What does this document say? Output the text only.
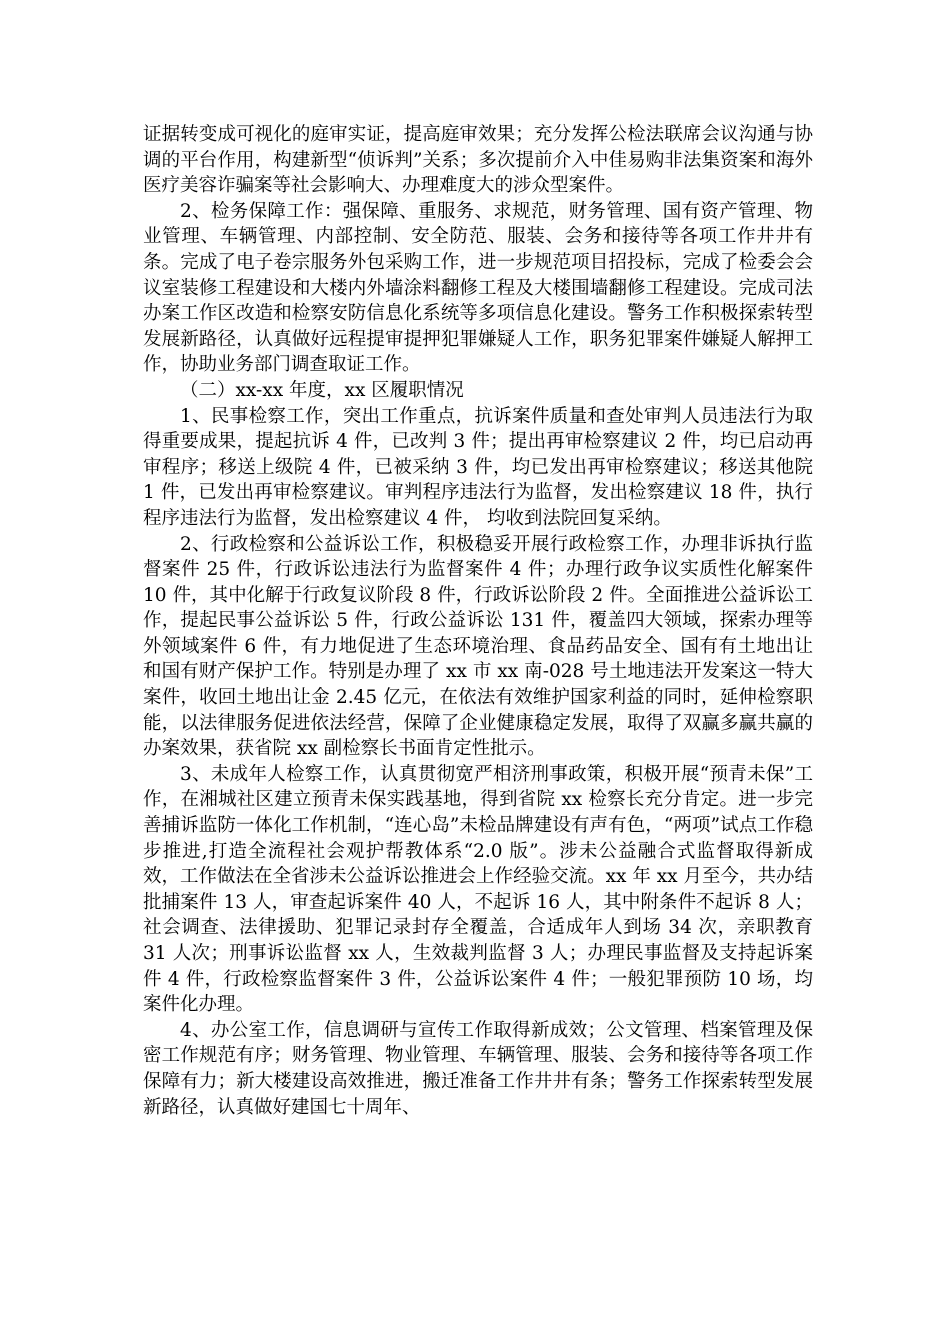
证据转变成可视化的庭审实证，提高庭审效果；充分发挥公检法联席会议沟通与协调的平台作用，构建新型“侦诉判”关系；多次提前介入中佳易购非法集资案和海外医疗美容诈骗案等社会影响大、办理难度大的涉众型案件。

2、检务保障工作：强保障、重服务、求规范，财务管理、国有资产管理、物业管理、车辆管理、内部控制、安全防范、服装、会务和接待等各项工作井井有条。完成了电子卷宗服务外包采购工作，进一步规范项目招投标，完成了检委会会议室装修工程建设和大楼内外墙涂料翻修工程及大楼围墙翻修工程建设。完成司法办案工作区改造和检察安防信息化系统等多项信息化建设。警务工作积极探索转型发展新路径，认真做好远程提审提押犯罪嫌疑人工作，职务犯罪案件嫌疑人解押工作，协助业务部门调查取证工作。

（二）xx-xx 年度，xx 区履职情况

1、民事检察工作，突出工作重点，抗诉案件质量和查处审判人员违法行为取得重要成果，提起抗诉 4 件，已改判 3 件；提出再审检察建议 2 件，均已启动再审程序；移送上级院 4 件，已被采纳 3 件，均已发出再审检察建议；移送其他院 1 件，已发出再审检察建议。审判程序违法行为监督，发出检察建议 18 件，执行程序违法行为监督，发出检察建议 4 件， 均收到法院回复采纳。

2、行政检察和公益诉讼工作，积极稳妥开展行政检察工作，办理非诉执行监督案件 25 件，行政诉讼违法行为监督案件 4 件；办理行政争议实质性化解案件 10 件，其中化解于行政复议阶段 8 件，行政诉讼阶段 2 件。全面推进公益诉讼工作，提起民事公益诉讼 5 件，行政公益诉讼 131 件，覆盖四大领域，探索办理等外领域案件 6 件，有力地促进了生态环境治理、食品药品安全、国有有土地出让和国有财产保护工作。特别是办理了 xx 市 xx 南-028 号土地违法开发案这一特大案件，收回土地出让金 2.45 亿元，在依法有效维护国家利益的同时，延伸检察职能，以法律服务促进依法经营，保障了企业健康稳定发展，取得了双赢多赢共赢的办案效果，获省院 xx 副检察长书面肯定性批示。

3、未成年人检察工作，认真贯彻宽严相济刑事政策，积极开展“预青未保”工作，在湘城社区建立预青未保实践基地，得到省院 xx 检察长充分肯定。进一步完善捕诉监防一体化工作机制，“连心岛”未检品牌建设有声有色，“两项”试点工作稳步推进,打造全流程社会观护帮教体系“2.0 版”。涉未公益融合式监督取得新成效，工作做法在全省涉未公益诉讼推进会上作经验交流。xx 年 xx 月至今，共办结批捕案件 13 人，审查起诉案件 40 人，不起诉 16 人，其中附条件不起诉 8 人；社会调查、法律援助、犯罪记录封存全覆盖，合适成年人到场 34 次，亲职教育 31 人次；刑事诉讼监督 xx 人，生效裁判监督 3 人；办理民事监督及支持起诉案件 4 件，行政检察监督案件 3 件，公益诉讼案件 4 件；一般犯罪预防 10 场，均案件化办理。

4、办公室工作，信息调研与宣传工作取得新成效；公文管理、档案管理及保密工作规范有序；财务管理、物业管理、车辆管理、服装、会务和接待等各项工作保障有力；新大楼建设高效推进，搬迁准备工作井井有条；警务工作探索转型发展新路径，认真做好建国七十周年、
